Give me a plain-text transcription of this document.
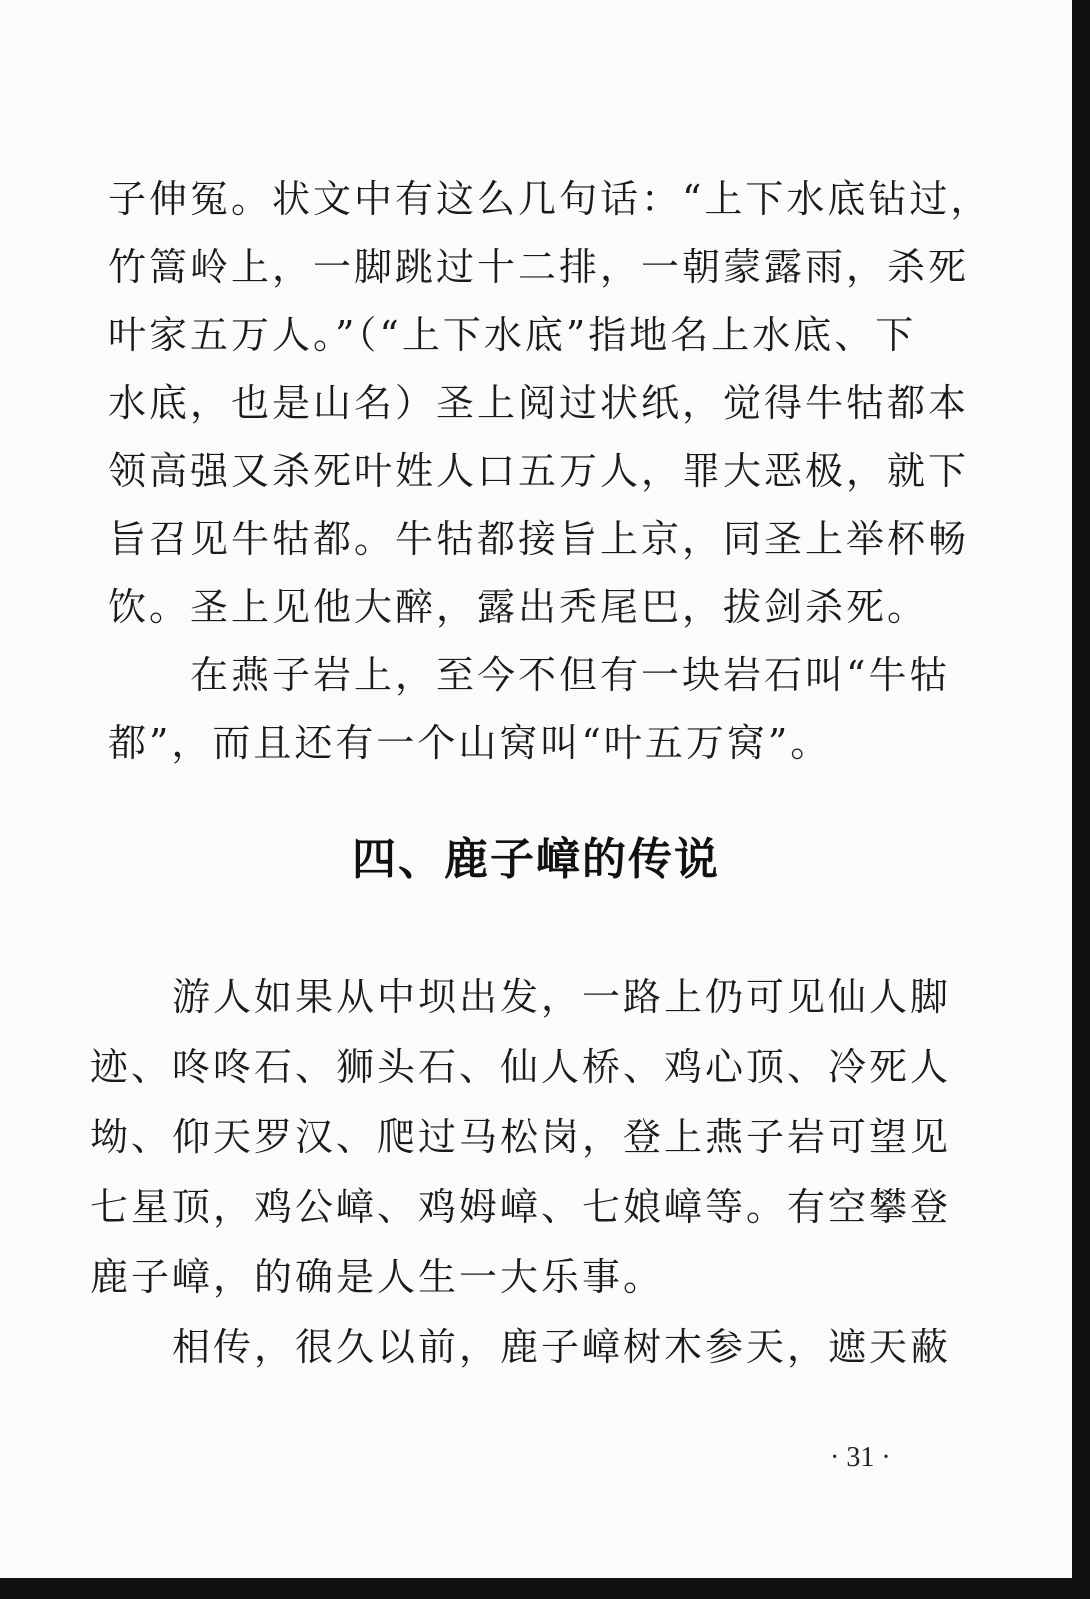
子伸冤。状文中有这么几句话：“上下水底钻过，
竹篙岭上，一脚跳过十二排，一朝蒙露雨，杀死
叶家五万人。”（“上下水底”指地名上水底、下
水底，也是山名）圣上阅过状纸，觉得牛牯都本
领高强又杀死叶姓人口五万人，罪大恶极，就下
旨召见牛牯都。牛牯都接旨上京，同圣上举杯畅
饮。圣上见他大醉，露出秃尾巴，拔剑杀死。
　　在燕子岩上，至今不但有一块岩石叫“牛牯
都”，而且还有一个山窝叫“叶五万窝”。
四、鹿子嶂的传说
　　游人如果从中坝出发，一路上仍可见仙人脚
迹、咚咚石、狮头石、仙人桥、鸡心顶、冷死人
坳、仰天罗汉、爬过马松岗，登上燕子岩可望见
七星顶，鸡公嶂、鸡姆嶂、七娘嶂等。有空攀登
鹿子嶂，的确是人生一大乐事。
　　相传，很久以前，鹿子嶂树木参天，遮天蔽
· 31 ·
